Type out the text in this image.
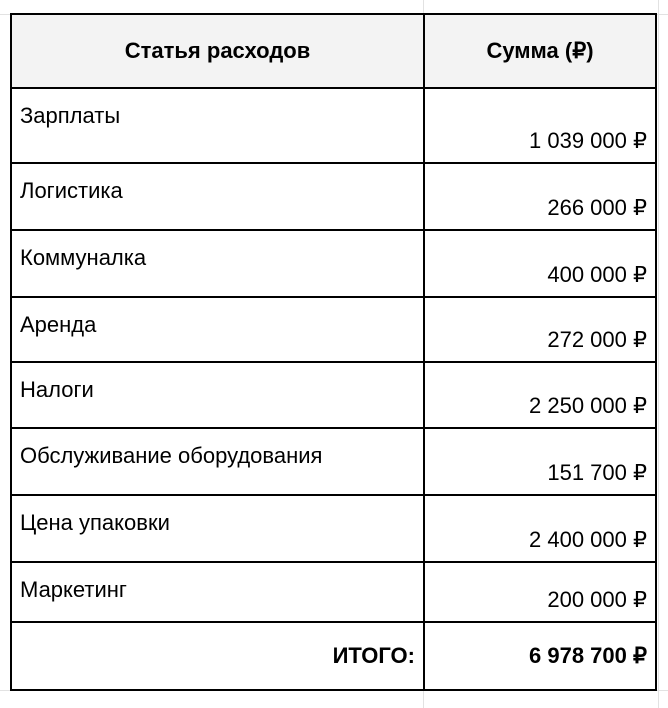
Статья расходов	Сумма (₽)
Зарплаты	1 039 000 ₽
Логистика	266 000 ₽
Коммуналка	400 000 ₽
Аренда	272 000 ₽
Налоги	2 250 000 ₽
Обслуживание оборудования	151 700 ₽
Цена упаковки	2 400 000 ₽
Маркетинг	200 000 ₽
ИТОГО:	6 978 700 ₽
